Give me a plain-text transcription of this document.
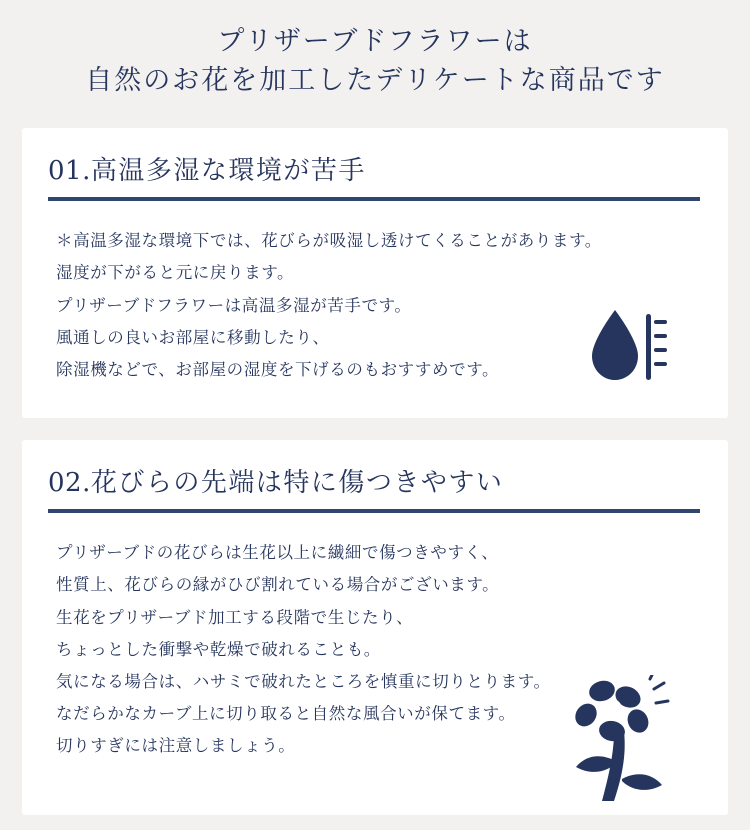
プリザーブドフラワーは
自然のお花を加工したデリケートな商品です
01.高温多湿な環境が苦手

＊高温多湿な環境下では、花びらが吸湿し透けてくることがあります。

湿度が下がると元に戻ります。

プリザーブドフラワーは高温多湿が苦手です。

風通しの良いお部屋に移動したり、

除湿機などで、お部屋の湿度を下げるのもおすすめです。

02.花びらの先端は特に傷つきやすい

プリザーブドの花びらは生花以上に繊細で傷つきやすく、

性質上、花びらの縁がひび割れている場合がございます。

生花をプリザーブド加工する段階で生じたり、

ちょっとした衝撃や乾燥で破れることも。

気になる場合は、ハサミで破れたところを慎重に切りとります。

なだらかなカーブ上に切り取ると自然な風合いが保てます。

切りすぎには注意しましょう。
